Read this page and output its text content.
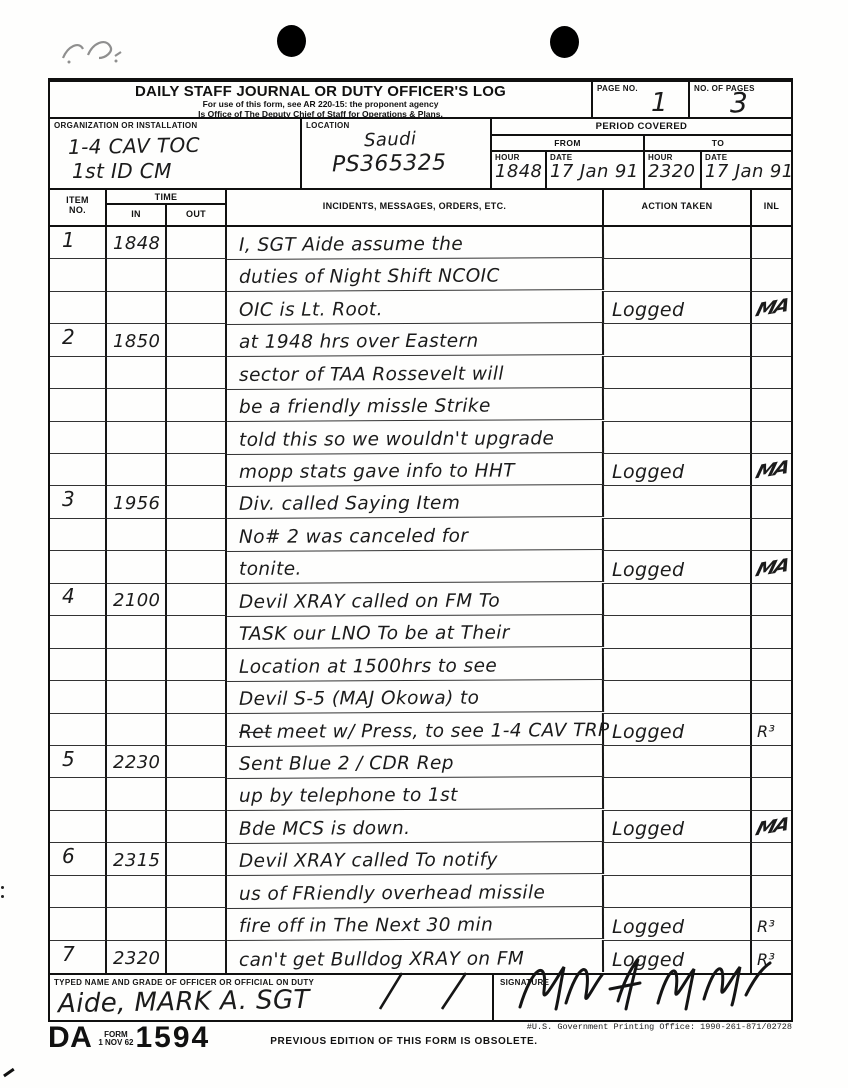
DAILY STAFF JOURNAL OR DUTY OFFICER'S LOG
For use of this form, see AR 220-15: the proponent agency
Is Office of The Deputy Chief of Staff for Operations & Plans.
PAGE NO. 1	NO. OF PAGES
3
ORGANIZATION OR INSTALLATION
1-4 CAV TOC
1st ID CM
LOCATION
Saudi
PS365325
PERIOD COVERED
FROM	TO
HOUR
1848
DATE
17 Jan 91
HOUR
2320
DATE
17 Jan 91
ITEM
NO.
TIME
IN	OUT
INCIDENTS, MESSAGES, ORDERS, ETC.	ACTION TAKEN	INL
1 1848	I, SGT Aide assume the
duties of Night Shift NCOIC
OIC is Lt. Root.	Logged	MA
2 1850	at 1948 hrs over Eastern
sector of TAA Rossevelt will
be a friendly missle Strike
told this so we wouldn't upgrade
mopp stats gave info to HHT	Logged	MA
3 1956	Div. called Saying Item
No# 2 was canceled for
tonite.	Logged	MA
4 2100	Devil XRAY called on FM To
TASK our LNO To be at Their
Location at 1500hrs to see
Devil S-5 (MAJ Okowa) to
Ret meet w/ Press, to see 1-4 CAV TRP Logged	R³
5 2230	Sent Blue 2 / CDR Rep
up by telephone to 1st
Bde MCS is down.	Logged	MA
6 2315	Devil XRAY called To notify
us of FRiendly overhead missile
fire off in The Next 30 min	Logged	R³
7 2320	can't get Bulldog XRAY on FM	Logged	R³
TYPED NAME AND GRADE OF OFFICER OR OFFICIAL ON DUTY
Aide, MARK A. SGT
SIGNATURE
DA	FORM
1 NOV 62 1594	PREVIOUS EDITION OF THIS FORM IS OBSOLETE.
#U.S. Government Printing Office: 1990-261-871/02728
